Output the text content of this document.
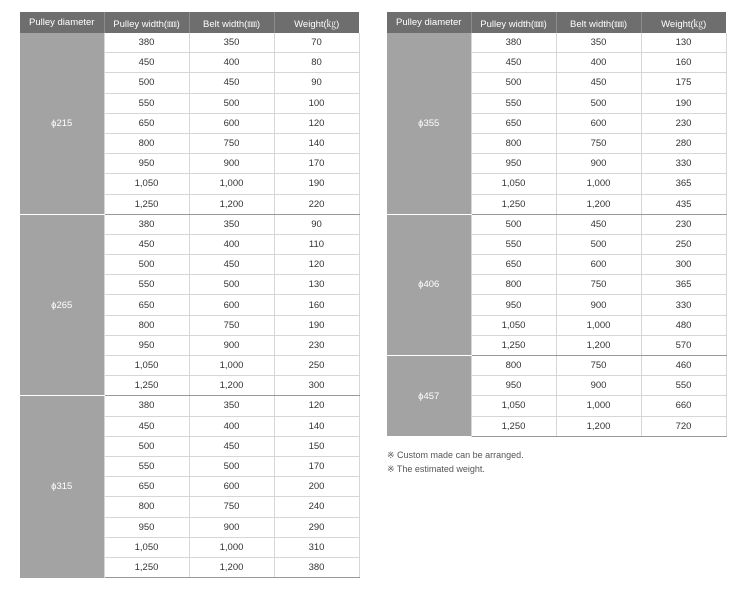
Pulley diameter	Pulley width(㎜)	Belt width(㎜)	Weight(㎏)
ϕ215	380	350	70
	450	400	80
	500	450	90
	550	500	100
	650	600	120
	800	750	140
	950	900	170
	1,050	1,000	190
	1,250	1,200	220
ϕ265	380	350	90
	450	400	110
	500	450	120
	550	500	130
	650	600	160
	800	750	190
	950	900	230
	1,050	1,000	250
	1,250	1,200	300
ϕ315	380	350	120
	450	400	140
	500	450	150
	550	500	170
	650	600	200
	800	750	240
	950	900	290
	1,050	1,000	310
	1,250	1,200	380
Pulley diameter	Pulley width(㎜)	Belt width(㎜)	Weight(㎏)
ϕ355	380	350	130
	450	400	160
	500	450	175
	550	500	190
	650	600	230
	800	750	280
	950	900	330
	1,050	1,000	365
	1,250	1,200	435
ϕ406	500	450	230
	550	500	250
	650	600	300
	800	750	365
	950	900	330
	1,050	1,000	480
	1,250	1,200	570
ϕ457	800	750	460
	950	900	550
	1,050	1,000	660
	1,250	1,200	720
※ Custom made can be arranged.
※ The estimated weight.
